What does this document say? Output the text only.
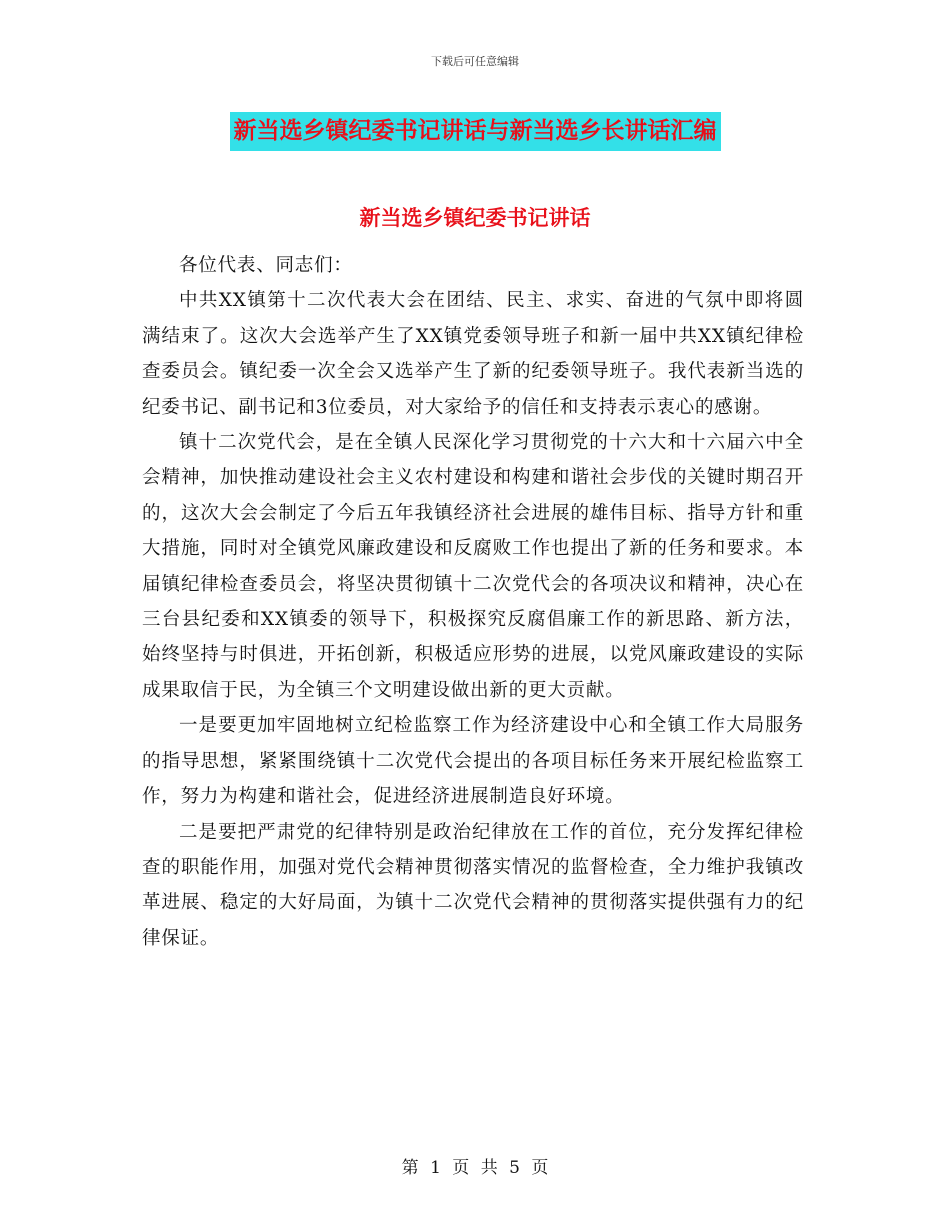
下载后可任意编辑
新当选乡镇纪委书记讲话与新当选乡长讲话汇编
新当选乡镇纪委书记讲话

各位代表、同志们：

中共XX镇第十二次代表大会在团结、民主、求实、奋进的气氛中即将圆满结束了。这次大会选举产生了XX镇党委领导班子和新一届中共XX镇纪律检查委员会。镇纪委一次全会又选举产生了新的纪委领导班子。我代表新当选的纪委书记、副书记和3位委员，对大家给予的信任和支持表示衷心的感谢。

镇十二次党代会，是在全镇人民深化学习贯彻党的十六大和十六届六中全会精神，加快推动建设社会主义农村建设和构建和谐社会步伐的关键时期召开的，这次大会会制定了今后五年我镇经济社会进展的雄伟目标、指导方针和重大措施，同时对全镇党风廉政建设和反腐败工作也提出了新的任务和要求。本届镇纪律检查委员会，将坚决贯彻镇十二次党代会的各项决议和精神，决心在三台县纪委和XX镇委的领导下，积极探究反腐倡廉工作的新思路、新方法，始终坚持与时俱进，开拓创新，积极适应形势的进展，以党风廉政建设的实际成果取信于民，为全镇三个文明建设做出新的更大贡献。

一是要更加牢固地树立纪检监察工作为经济建设中心和全镇工作大局服务的指导思想，紧紧围绕镇十二次党代会提出的各项目标任务来开展纪检监察工作，努力为构建和谐社会，促进经济进展制造良好环境。

二是要把严肃党的纪律特别是政治纪律放在工作的首位，充分发挥纪律检查的职能作用，加强对党代会精神贯彻落实情况的监督检查，全力维护我镇改革进展、稳定的大好局面，为镇十二次党代会精神的贯彻落实提供强有力的纪律保证。

第 1 页 共 5 页
